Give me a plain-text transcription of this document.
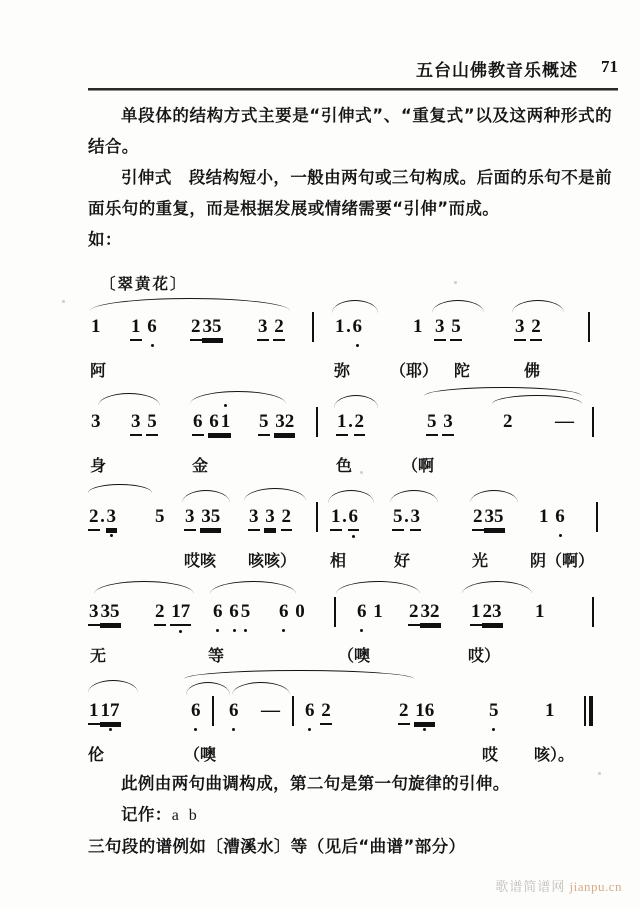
五台山佛教音乐概述 71

单段体的结构方式主要是“引伸式”、“重复式”以及这两种形式的结合。

引伸式　段结构短小，一般由两句或三句构成。后面的乐句不是前面乐句的重复，而是根据发展或情绪需要“引伸”而成。

如：

〔翠黄花〕
1 1 6 2 35 3 2	1.6	1 3 5	3 2
阿	弥 （耶） 陀	佛
3 3 5 6 6 1 5 32 1.2	5 3	2 —
身	金	色	（啊
2.3 5 3 35 3 3 2 1.6 5.3	2 35 1 6
哎咳 咳咳） 相	好	光	阴（啊）
3 35 2 17 6 6 5 6 0	6 1 2 32 1 23 1
无	等	（噢	哎）
1 17	6 6 — 6 2	2 16	5 1
伦	（噢	哎 咳）。

此例由两句曲调构成，第二句是第一句旋律的引伸。

记作：a b

三句段的谱例如〔漕溪水〕等（见后“曲谱”部分）

歌谱简谱网 jianpu.cn
